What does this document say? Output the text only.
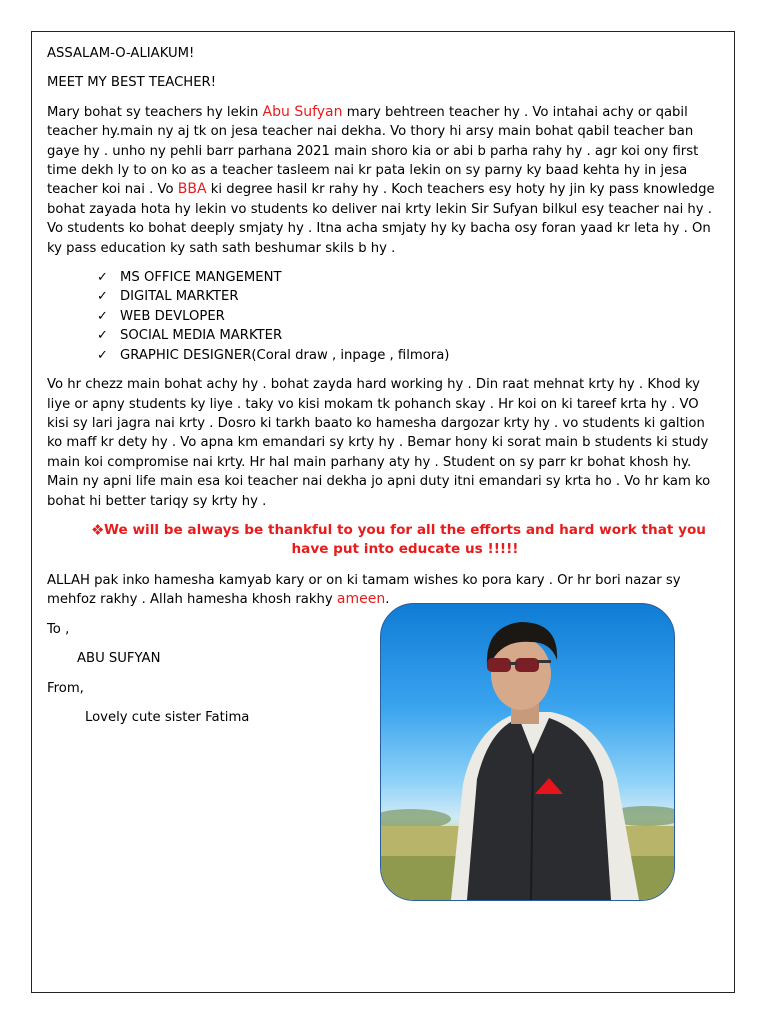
ASSALAM-O-ALIAKUM!

MEET MY BEST TEACHER!

Mary bohat sy teachers hy lekin Abu Sufyan mary behtreen teacher hy . Vo intahai achy or qabil teacher hy.main ny aj tk on jesa teacher nai dekha. Vo thory hi arsy main bohat qabil teacher ban gaye hy . unho ny pehli barr parhana 2021 main shoro kia or abi b parha rahy hy . agr koi ony first time dekh ly to on ko as a teacher tasleem nai kr pata lekin on sy parny ky baad kehta hy in jesa teacher koi nai . Vo BBA ki degree hasil kr rahy hy . Koch teachers esy hoty hy jin ky pass knowledge bohat zayada hota hy lekin vo students ko deliver nai krty lekin Sir Sufyan bilkul esy teacher nai hy . Vo students ko bohat deeply smjaty hy . Itna acha smjaty hy ky bacha osy foran yaad kr leta hy . On ky pass education ky sath sath beshumar skils b hy .

✓ MS OFFICE MANGEMENT
✓ DIGITAL MARKTER
✓ WEB DEVLOPER
✓ SOCIAL MEDIA MARKTER
✓ GRAPHIC DESIGNER(Coral draw , inpage , filmora)

Vo hr chezz main bohat achy hy . bohat zayda hard working hy . Din raat mehnat krty hy . Khod ky liye or apny students ky liye . taky vo kisi mokam tk pohanch skay . Hr koi on ki tareef krta hy . VO kisi sy lari jagra nai krty . Dosro ki tarkh baato ko hamesha dargozar krty hy . vo students ki galtion ko maff kr dety hy . Vo apna km emandari sy krty hy . Bemar hony ki sorat main b students ki study main koi compromise nai krty. Hr hal main parhany aty hy . Student on sy parr kr bohat khosh hy. Main ny apni life main esa koi teacher nai dekha jo apni duty itni emandari sy krta ho . Vo hr kam ko bohat hi better tariqy sy krty hy .

❖ We will be always be thankful to you for all the efforts and hard work that you have put into educate us !!!!!

ALLAH pak inko hamesha kamyab kary or on ki tamam wishes ko pora kary . Or hr bori nazar sy mehfoz rakhy . Allah hamesha khosh rakhy ameen.

To ,

ABU SUFYAN

From,

Lovely cute sister Fatima
